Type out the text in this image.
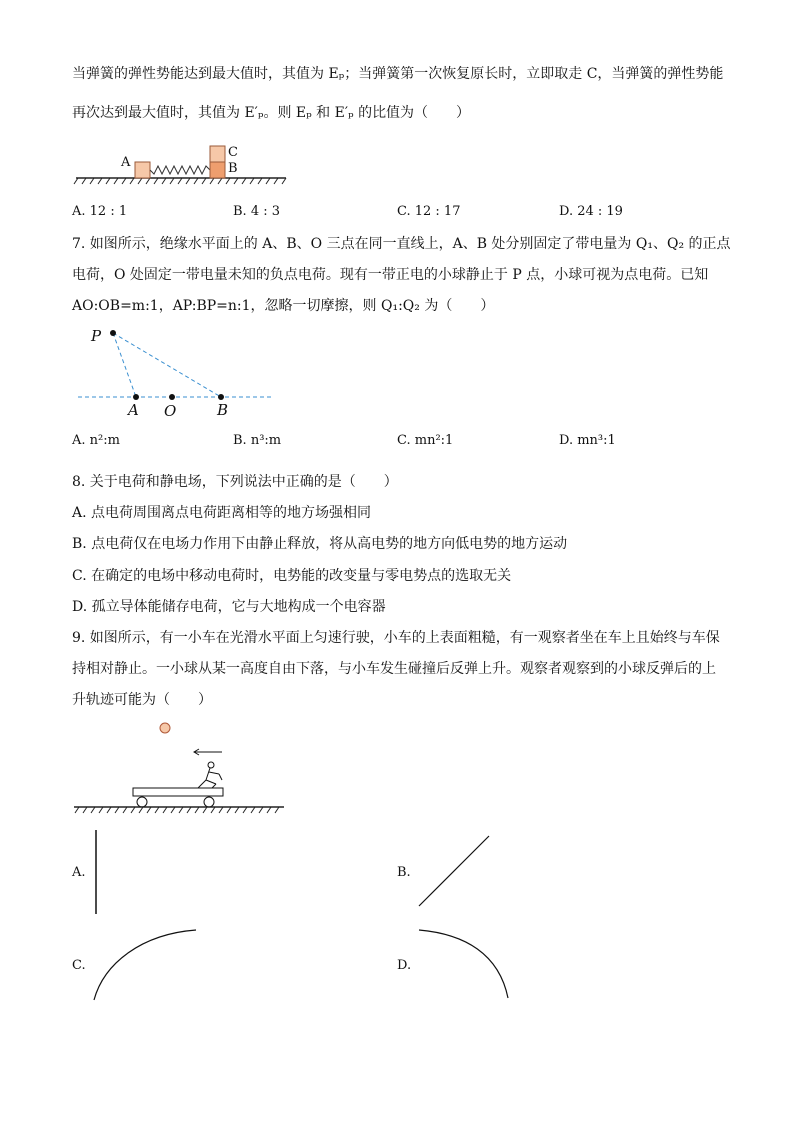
当弹簧的弹性势能达到最大值时，其值为 Eₚ；当弹簧第一次恢复原长时，立即取走 C，当弹簧的弹性势能
再次达到最大值时，其值为 E′ₚ。则 Eₚ 和 E′ₚ 的比值为（　　）
A
C
B
A. 12 : 1	B. 4 : 3	C. 12 : 17	D. 24 : 19
7. 如图所示，绝缘水平面上的 A、B、O 三点在同一直线上，A、B 处分别固定了带电量为 Q₁、Q₂ 的正点
电荷，O 处固定一带电量未知的负点电荷。现有一带正电的小球静止于 P 点，小球可视为点电荷。已知
AO:OB=m:1，AP:BP=n:1，忽略一切摩擦，则 Q₁:Q₂ 为（　　）
P
A O	B
A. n²:m	B. n³:m	C. mn²:1	D. mn³:1
8. 关于电荷和静电场，下列说法中正确的是（　　）
A. 点电荷周围离点电荷距离相等的地方场强相同
B. 点电荷仅在电场力作用下由静止释放，将从高电势的地方向低电势的地方运动
C. 在确定的电场中移动电荷时，电势能的改变量与零电势点的选取无关
D. 孤立导体能储存电荷，它与大地构成一个电容器
9. 如图所示，有一小车在光滑水平面上匀速行驶，小车的上表面粗糙，有一观察者坐在车上且始终与车保
持相对静止。一小球从某一高度自由下落，与小车发生碰撞后反弹上升。观察者观察到的小球反弹后的上
升轨迹可能为（　　）
A.	B.
C.	D.
